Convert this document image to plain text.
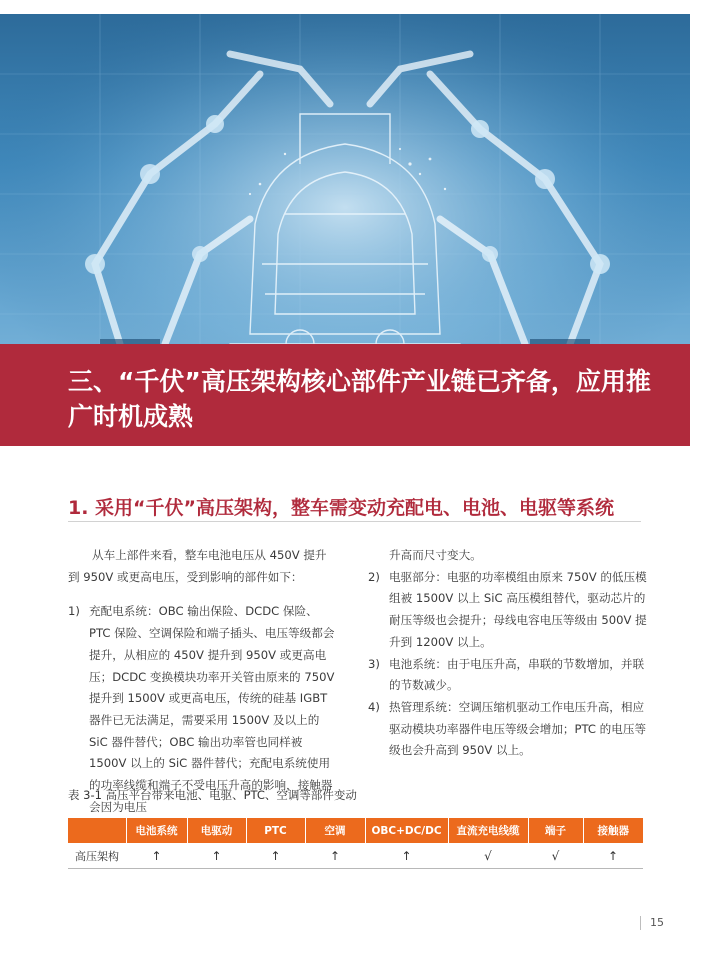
三、“千伏”高压架构核心部件产业链已齐备，应用推广时机成熟
1. 采用“千伏”高压架构，整车需变动充配电、电池、电驱等系统

从车上部件来看，整车电池电压从 450V 提升到 950V 或更高电压，受到影响的部件如下：

1) 充配电系统：OBC 输出保险、DCDC 保险、PTC 保险、空调保险和端子插头、电压等级都会提升，从相应的 450V 提升到 950V 或更高电压；DCDC 变换模块功率开关管由原来的 750V 提升到 1500V 或更高电压，传统的硅基 IGBT 器件已无法满足，需要采用 1500V 及以上的 SiC 器件替代；OBC 输出功率管也同样被 1500V 以上的 SiC 器件替代；充配电系统使用的功率线缆和端子不受电压升高的影响，接触器会因为电压

升高而尺寸变大。

2) 电驱部分：电驱的功率模组由原来 750V 的低压模组被 1500V 以上 SiC 高压模组替代，驱动芯片的耐压等级也会提升；母线电容电压等级由 500V 提升到 1200V 以上。
3) 电池系统：由于电压升高，串联的节数增加，并联的节数减少。
4) 热管理系统：空调压缩机驱动工作电压升高，相应驱动模块功率器件电压等级会增加；PTC 的电压等级也会升高到 950V 以上。

表 3-1 高压平台带来电池、电驱、PTC、空调等部件变动

	电池系统	电驱动	PTC	空调	OBC+DC/DC	直流充电线缆	端子	接触器
高压架构	↑	↑	↑	↑	↑	√	√	↑
15
